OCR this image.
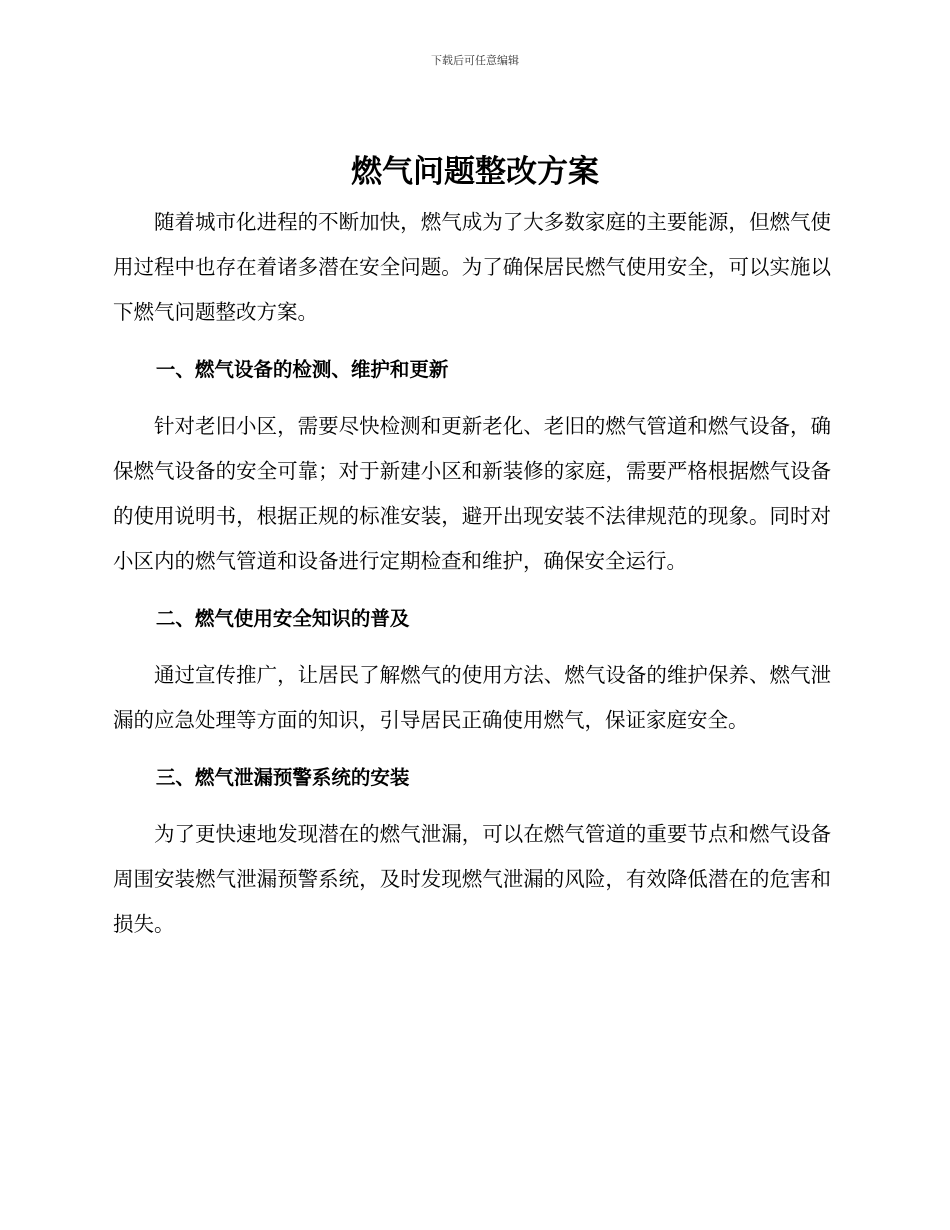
下载后可任意编辑
燃气问题整改方案

随着城市化进程的不断加快，燃气成为了大多数家庭的主要能源，但燃气使用过程中也存在着诸多潜在安全问题。为了确保居民燃气使用安全，可以实施以下燃气问题整改方案。

一、燃气设备的检测、维护和更新

针对老旧小区，需要尽快检测和更新老化、老旧的燃气管道和燃气设备，确保燃气设备的安全可靠；对于新建小区和新装修的家庭，需要严格根据燃气设备的使用说明书，根据正规的标准安装，避开出现安装不法律规范的现象。同时对小区内的燃气管道和设备进行定期检查和维护，确保安全运行。

二、燃气使用安全知识的普及

通过宣传推广，让居民了解燃气的使用方法、燃气设备的维护保养、燃气泄漏的应急处理等方面的知识，引导居民正确使用燃气，保证家庭安全。

三、燃气泄漏预警系统的安装

为了更快速地发现潜在的燃气泄漏，可以在燃气管道的重要节点和燃气设备周围安装燃气泄漏预警系统，及时发现燃气泄漏的风险，有效降低潜在的危害和损失。
